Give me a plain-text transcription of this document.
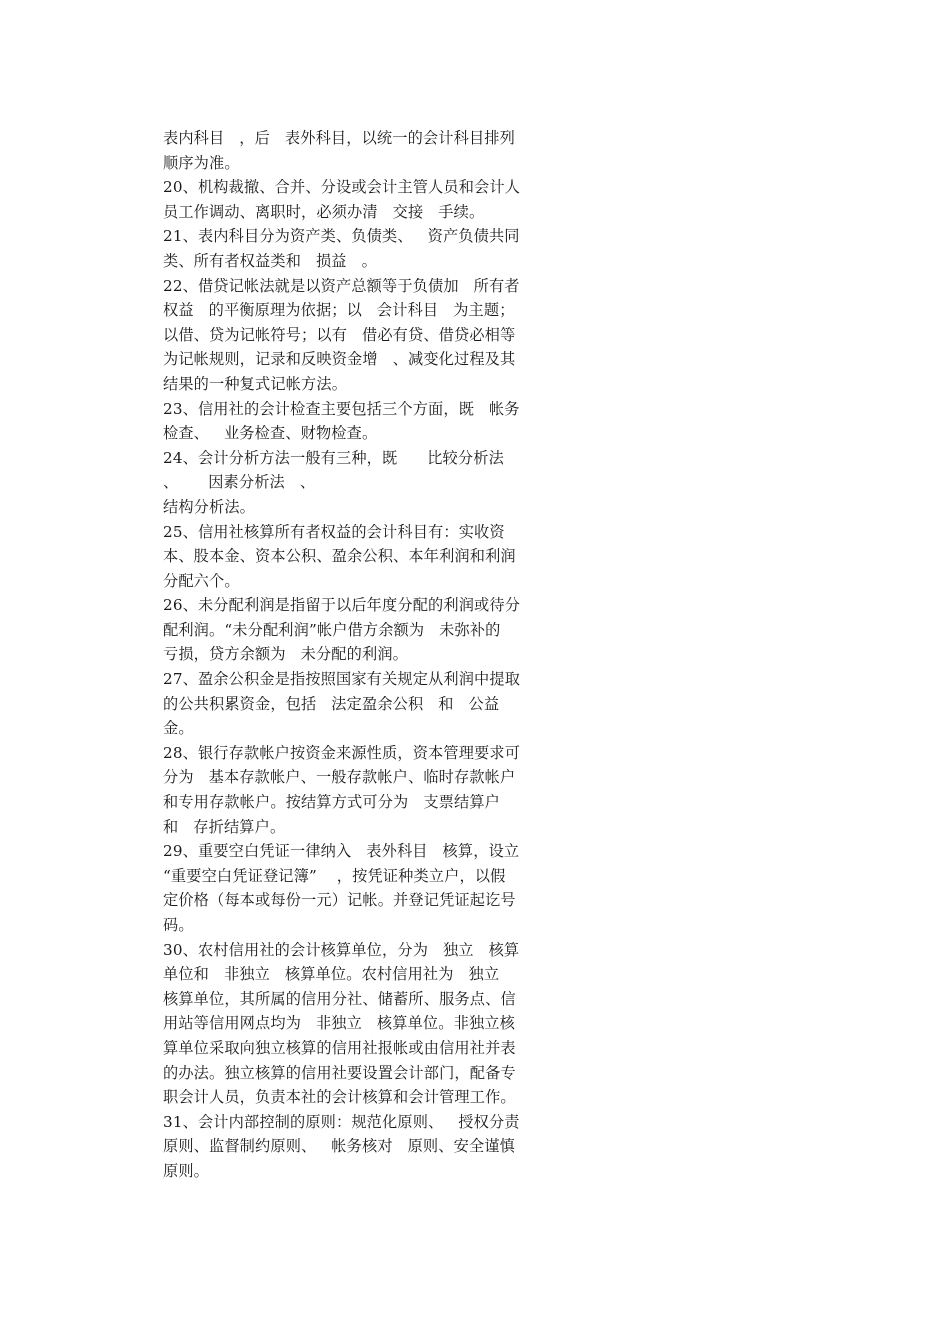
表内科目   ，后   表外科目，以统一的会计科目排列
顺序为准。
20、机构裁撤、合并、分设或会计主管人员和会计人
员工作调动、离职时，必须办清   交接   手续。
21、表内科目分为资产类、负债类、   资产负债共同
类、所有者权益类和   损益   。
22、借贷记帐法就是以资产总额等于负债加   所有者
权益   的平衡原理为依据；以   会计科目   为主题；
以借、贷为记帐符号；以有   借必有贷、借贷必相等
为记帐规则，记录和反映资金增   、减变化过程及其
结果的一种复式记帐方法。
23、信用社的会计检查主要包括三个方面，既   帐务
检查、   业务检查、财物检查。
24、会计分析方法一般有三种，既      比较分析法
、      因素分析法   、
结构分析法。
25、信用社核算所有者权益的会计科目有：实收资
本、股本金、资本公积、盈余公积、本年利润和利润
分配六个。
26、未分配利润是指留于以后年度分配的利润或待分
配利润。“未分配利润”帐户借方余额为   未弥补的
亏损，贷方余额为   未分配的利润。
27、盈余公积金是指按照国家有关规定从利润中提取
的公共积累资金，包括   法定盈余公积   和   公益
金。
28、银行存款帐户按资金来源性质，资本管理要求可
分为   基本存款帐户、一般存款帐户、临时存款帐户
和专用存款帐户。按结算方式可分为   支票结算户
和   存折结算户。
29、重要空白凭证一律纳入   表外科目   核算，设立
“重要空白凭证登记簿”    ，按凭证种类立户，以假
定价格（每本或每份一元）记帐。并登记凭证起讫号
码。
30、农村信用社的会计核算单位，分为   独立   核算
单位和   非独立   核算单位。农村信用社为   独立
核算单位，其所属的信用分社、储蓄所、服务点、信
用站等信用网点均为   非独立   核算单位。非独立核
算单位采取向独立核算的信用社报帐或由信用社并表
的办法。独立核算的信用社要设置会计部门，配备专
职会计人员，负责本社的会计核算和会计管理工作。
31、会计内部控制的原则：规范化原则、   授权分责
原则、监督制约原则、   帐务核对   原则、安全谨慎
原则。
